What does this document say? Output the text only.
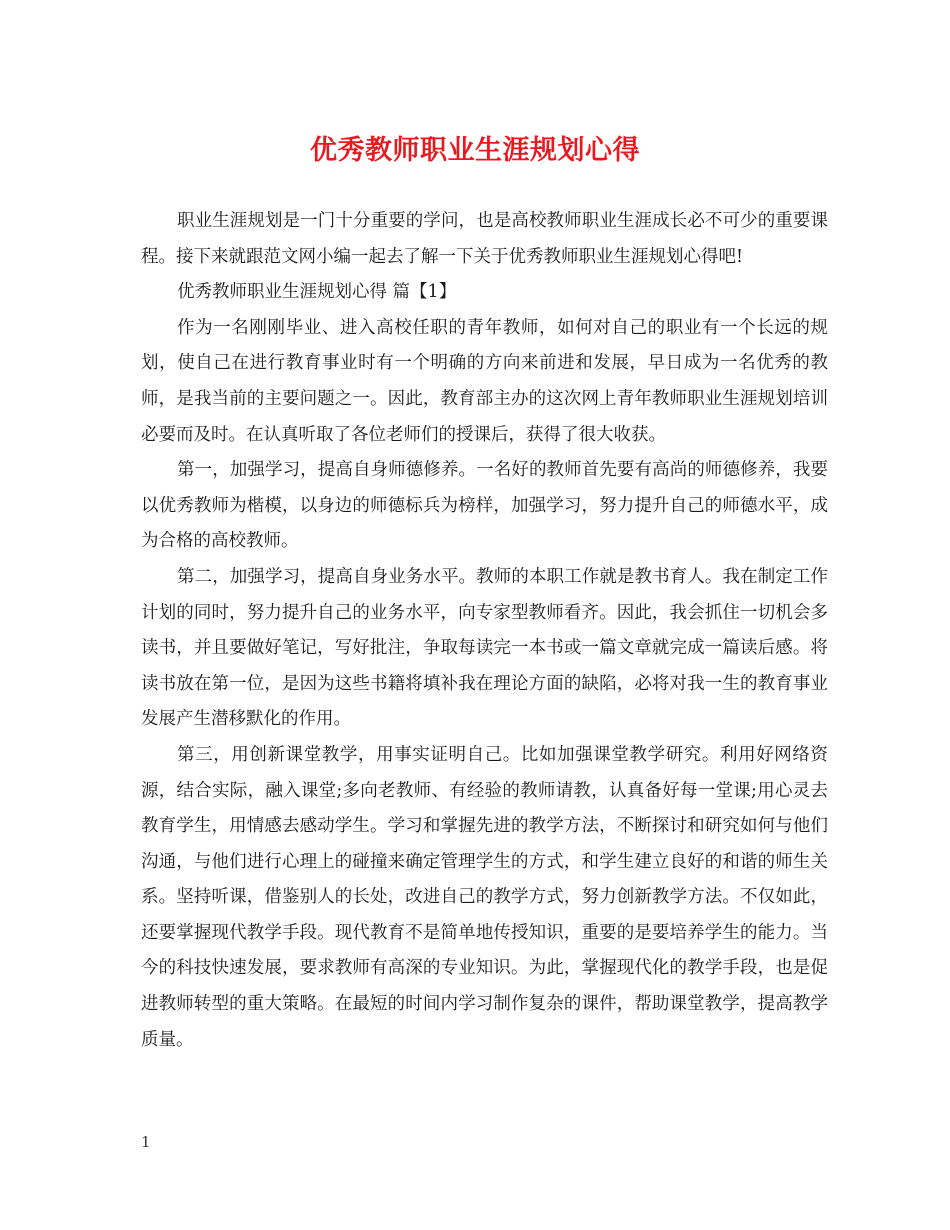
优秀教师职业生涯规划心得

职业生涯规划是一门十分重要的学问，也是高校教师职业生涯成长必不可少的重要课程。接下来就跟范文网小编一起去了解一下关于优秀教师职业生涯规划心得吧!

优秀教师职业生涯规划心得 篇【1】

作为一名刚刚毕业、进入高校任职的青年教师，如何对自己的职业有一个长远的规划，使自己在进行教育事业时有一个明确的方向来前进和发展，早日成为一名优秀的教师，是我当前的主要问题之一。因此，教育部主办的这次网上青年教师职业生涯规划培训必要而及时。在认真听取了各位老师们的授课后，获得了很大收获。

第一，加强学习，提高自身师德修养。一名好的教师首先要有高尚的师德修养，我要以优秀教师为楷模，以身边的师德标兵为榜样，加强学习，努力提升自己的师德水平，成为合格的高校教师。

第二，加强学习，提高自身业务水平。教师的本职工作就是教书育人。我在制定工作计划的同时，努力提升自己的业务水平，向专家型教师看齐。因此，我会抓住一切机会多读书，并且要做好笔记，写好批注，争取每读完一本书或一篇文章就完成一篇读后感。将读书放在第一位，是因为这些书籍将填补我在理论方面的缺陷，必将对我一生的教育事业发展产生潜移默化的作用。

第三，用创新课堂教学，用事实证明自己。比如加强课堂教学研究。利用好网络资源，结合实际，融入课堂;多向老教师、有经验的教师请教，认真备好每一堂课;用心灵去教育学生，用情感去感动学生。学习和掌握先进的教学方法，不断探讨和研究如何与他们沟通，与他们进行心理上的碰撞来确定管理学生的方式，和学生建立良好的和谐的师生关系。坚持听课，借鉴别人的长处，改进自己的教学方式，努力创新教学方法。不仅如此，还要掌握现代教学手段。现代教育不是简单地传授知识，重要的是要培养学生的能力。当今的科技快速发展，要求教师有高深的专业知识。为此，掌握现代化的教学手段，也是促进教师转型的重大策略。在最短的时间内学习制作复杂的课件，帮助课堂教学，提高教学质量。

1
